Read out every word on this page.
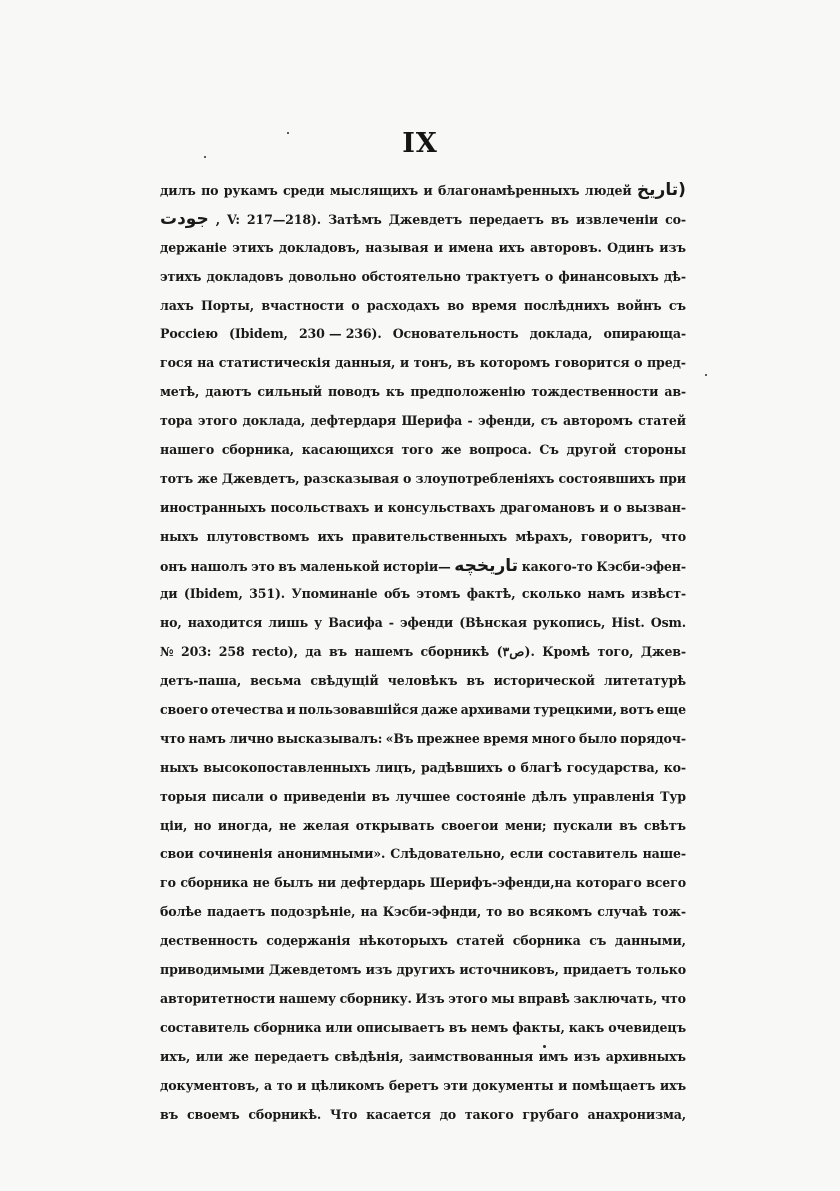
IX
дилъ по рукамъ среди мыслящихъ и благонамѣренныхъ людей (تاريخ
جودت , V: 217—218). Затѣмъ Джевдетъ передаетъ въ извлеченіи со-
держаніе этихъ докладовъ, называя и имена ихъ авторовъ. Одинъ изъ
этихъ докладовъ довольно обстоятельно трактуетъ о финансовыхъ дѣ-
лахъ Порты, вчастности о расходахъ во время послѣднихъ войнъ съ
Россіею (Ibidem, 230 — 236). Основательность доклада, опирающа-
гося на статистическія данныя, и тонъ, въ которомъ говорится о пред-
метѣ, даютъ сильный поводъ къ предположенію тождественности ав-
тора этого доклада, дефтердаря Шерифа - эфенди, съ авторомъ статей
нашего сборника, касающихся того же вопроса. Съ другой стороны
тотъ же Джевдетъ, разсказывая о злоупотребленіяхъ состоявшихъ при
иностранныхъ посольствахъ и консульствахъ драгомановъ и о вызван-
ныхъ плутовствомъ ихъ правительственныхъ мѣрахъ, говоритъ, что
онъ нашолъ это въ маленькой исторіи— تاريخچه какого-то Кэсби-эфен-
ди (Ibidem, 351). Упоминаніе объ этомъ фактѣ, сколько намъ извѣст-
но, находится лишь у Васифа - эфенди (Вѣнская рукопись, Hist. Osm.
№ 203: 258 recto), да въ нашемъ сборникѣ (ص٣). Кромѣ того, Джев-
детъ-паша, весьма свѣдущій человѣкъ въ исторической литетатурѣ
своего отечества и пользовавшійся даже архивами турецкими, вотъ еще
что намъ лично высказывалъ: «Въ прежнее время много было порядоч-
ныхъ высокопоставленныхъ лицъ, радѣвшихъ о благѣ государства, ко-
торыя писали о приведеніи въ лучшее состояніе дѣлъ управленія Тур
ціи, но иногда, не желая открывать своегои мени; пускали въ свѣтъ
свои сочиненія анонимными». Слѣдовательно, если составитель наше-
го сборника не былъ ни дефтердарь Шерифъ-эфенди,на котораго всего
болѣе падаетъ подозрѣніе, на Кэсби-эфнди, то во всякомъ случаѣ тож-
дественность содержанія нѣкоторыхъ статей сборника съ данными,
приводимыми Джевдетомъ изъ другихъ источниковъ, придаетъ только
авторитетности нашему сборнику. Изъ этого мы вправѣ заключать, что
составитель сборника или описываетъ въ немъ факты, какъ очевидецъ
ихъ, или же передаетъ свѣдѣнія, заимствованныя имъ изъ архивныхъ
документовъ, а то и цѣликомъ беретъ эти документы и помѣщаетъ ихъ
въ своемъ сборникѣ. Что касается до такого грубаго анахронизма,
